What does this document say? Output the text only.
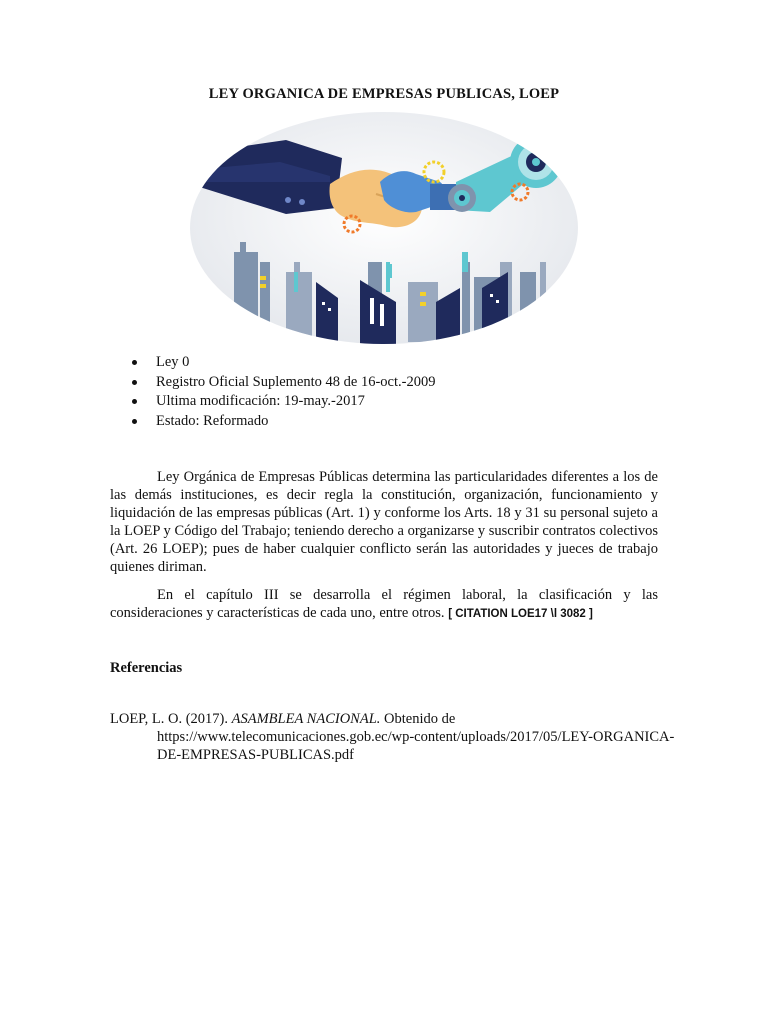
LEY ORGANICA DE EMPRESAS PUBLICAS, LOEP
Ley 0
Registro Oficial Suplemento 48 de 16-oct.-2009
Ultima modificación: 19-may.-2017
Estado: Reformado

Ley Orgánica de Empresas Públicas determina las particularidades diferentes a los de las demás instituciones, es decir regla la constitución, organización, funcionamiento y liquidación de las empresas públicas (Art. 1) y conforme los Arts. 18 y 31 su personal sujeto a la LOEP y Código del Trabajo; teniendo derecho a organizarse y suscribir contratos colectivos (Art. 26 LOEP); pues de haber cualquier conflicto serán las autoridades y jueces de trabajo quienes diriman.

En el capítulo III se desarrolla el régimen laboral, la clasificación y las consideraciones y características de cada uno, entre otros. [ CITATION LOE17 \l 3082 ]

Referencias

LOEP, L. O. (2017). ASAMBLEA NACIONAL. Obtenido de https://www.telecomunicaciones.gob.ec/wp-content/uploads/2017/05/LEY-ORGANICA-DE-EMPRESAS-PUBLICAS.pdf
